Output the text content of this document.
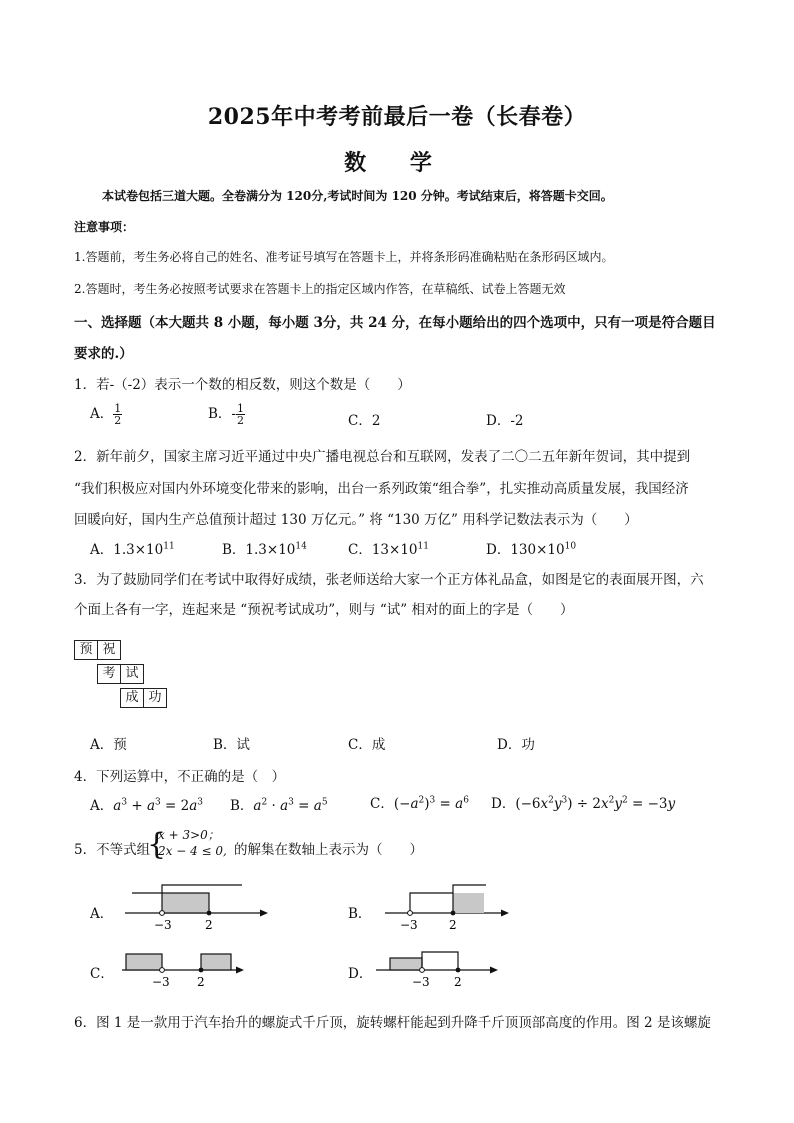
2025年中考考前最后一卷（长春卷）
数 学
本试卷包括三道大题。全卷满分为 120分,考试时间为 120 分钟。考试结束后，将答题卡交回。
注意事项：
1.答题前，考生务必将自己的姓名、准考证号填写在答题卡上，并将条形码准确粘贴在条形码区域内。
2.答题时，考生务必按照考试要求在答题卡上的指定区域内作答，在草稿纸、试卷上答题无效
一、选择题（本大题共 8 小题，每小题 3分，共 24 分，在每小题给出的四个选项中，只有一项是符合题目
要求的.）
1．若-（-2）表示一个数的相反数，则这个数是（　　）
A． $\frac{1}{2}$	B．- $\frac{1}{2}$	C．2	D．-2
2．新年前夕，国家主席习近平通过中央广播电视总台和互联网，发表了二〇二五年新年贺词，其中提到
“我们积极应对国内外环境变化带来的影响，出台一系列政策“组合拳”，扎实推动高质量发展，我国经济
回暖向好，国内生产总值预计超过 130 万亿元。” 将 “130 万亿” 用科学记数法表示为（　　）
A．$1.3\times 10^{11}$	B．$1.3\times 10^{14}$	C．$13\times 10^{11}$	D．$130\times 10^{10}$
3．为了鼓励同学们在考试中取得好成绩，张老师送给大家一个正方体礼品盒，如图是它的表面展开图，六
个面上各有一字，连起来是 “预祝考试成功”，则与 “试” 相对的面上的字是（　　）
预 祝
考 试
成 功
A．预	B．试	C．成	D．功
4．下列运算中，不正确的是（　）
A．$a^3 + a^3 = 2a^3$ B．$a^2 \cdot a^3 = a^5$	C．$(-a^2)^3 = a^6$ D．$(-6x^2y^3) \div 2x^2y^2 = -3y$
5．不等式组
{
x + 3>0；
2x − 4 ≤ 0, 的解集在数轴上表示为（　　）
A．
−3	2
B．
−3	2
C．	−3 2	D．	−3 2
6．图 1 是一款用于汽车抬升的螺旋式千斤顶，旋转螺杆能起到升降千斤顶顶部高度的作用。图 2 是该螺旋
